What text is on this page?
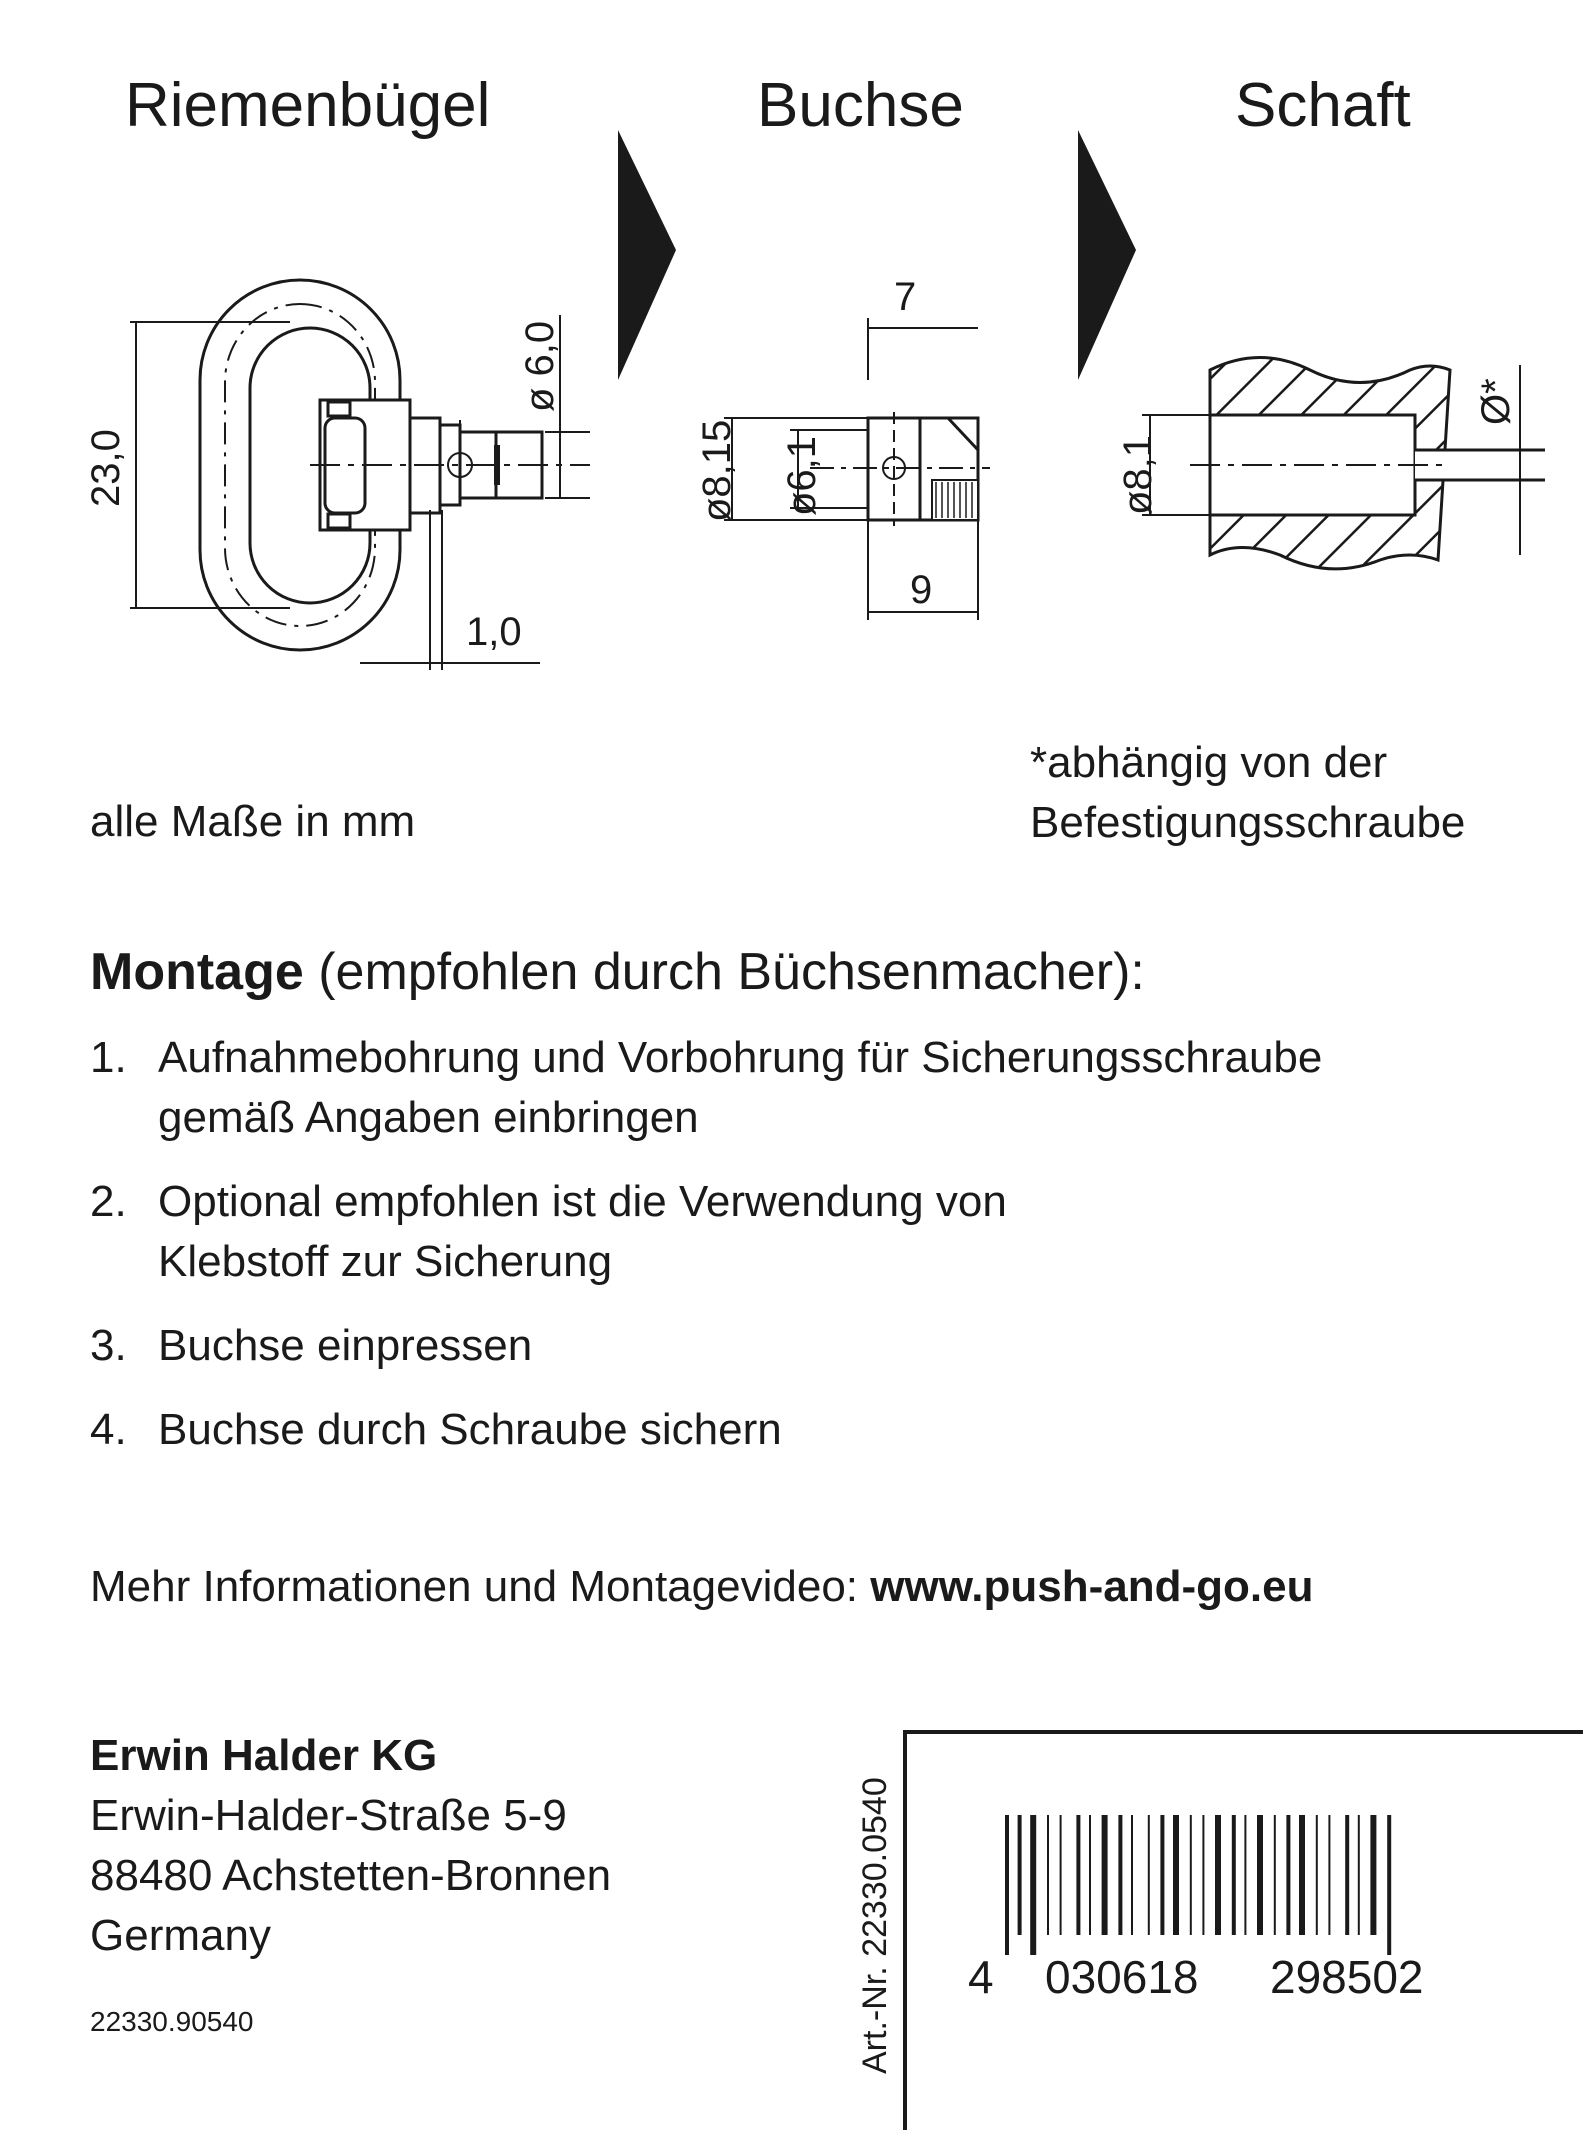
Riemenbügel	Buchse	Schaft
23,0
ø 6,0
1,0
7
9
ø8,15 ø6,1	ø8,1
Ø*
alle Maße in mm
*abhängig von der
Befestigungsschraube
Montage (empfohlen durch Büchsenmacher):
1. Aufnahmebohrung und Vorbohrung für Sicherungsschraube
gemäß Angaben einbringen
2. Optional empfohlen ist die Verwendung von
Klebstoff zur Sicherung
3. Buchse einpressen
4. Buchse durch Schraube sichern
Mehr Informationen und Montagevideo: www.push-and-go.eu
Erwin Halder KG
Erwin-Halder-Straße 5-9
88480 Achstetten-Bronnen
Germany
22330.90540	Art.-Nr. 22330.0540 4 030618 298502
